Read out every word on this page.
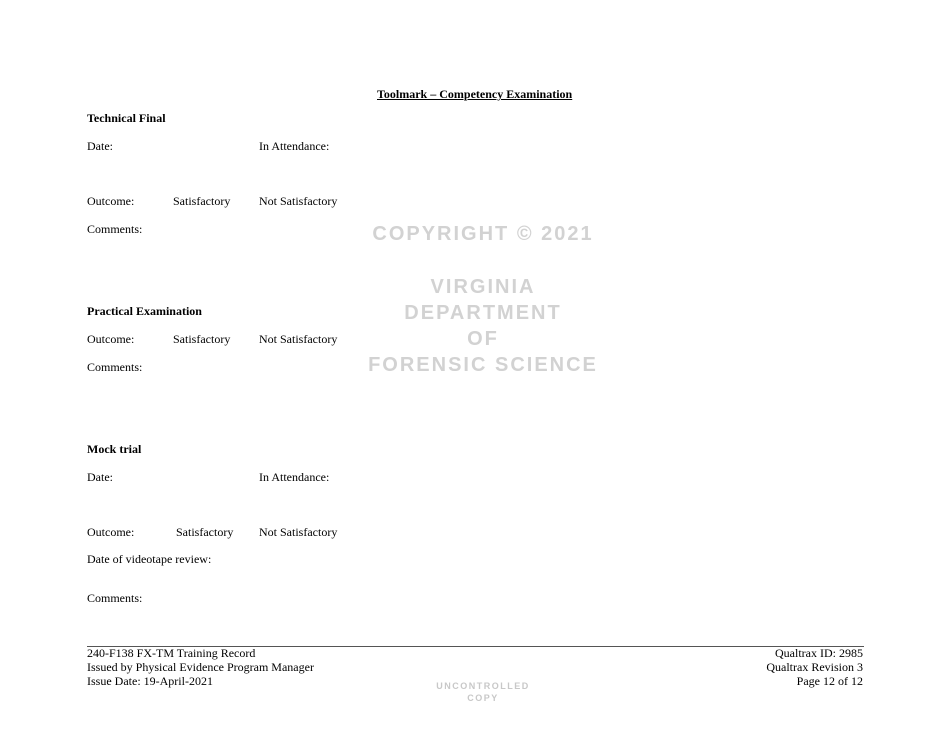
Toolmark – Competency Examination
Technical Final
Date:	In Attendance:
Outcome:	Satisfactory Not Satisfactory
Comments:
Practical Examination
Outcome:	Satisfactory Not Satisfactory
Comments:
Mock trial
Date:	In Attendance:
Outcome:	Satisfactory Not Satisfactory
Date of videotape review:
Comments:
COPYRIGHT © 2021
VIRGINIA
DEPARTMENT
OF
FORENSIC SCIENCE
240-F138 FX-TM Training Record
Issued by Physical Evidence Program Manager
Issue Date: 19-April-2021
Qualtrax ID: 2985
Qualtrax Revision 3
Page 12 of 12
UNCONTROLLED
COPY
